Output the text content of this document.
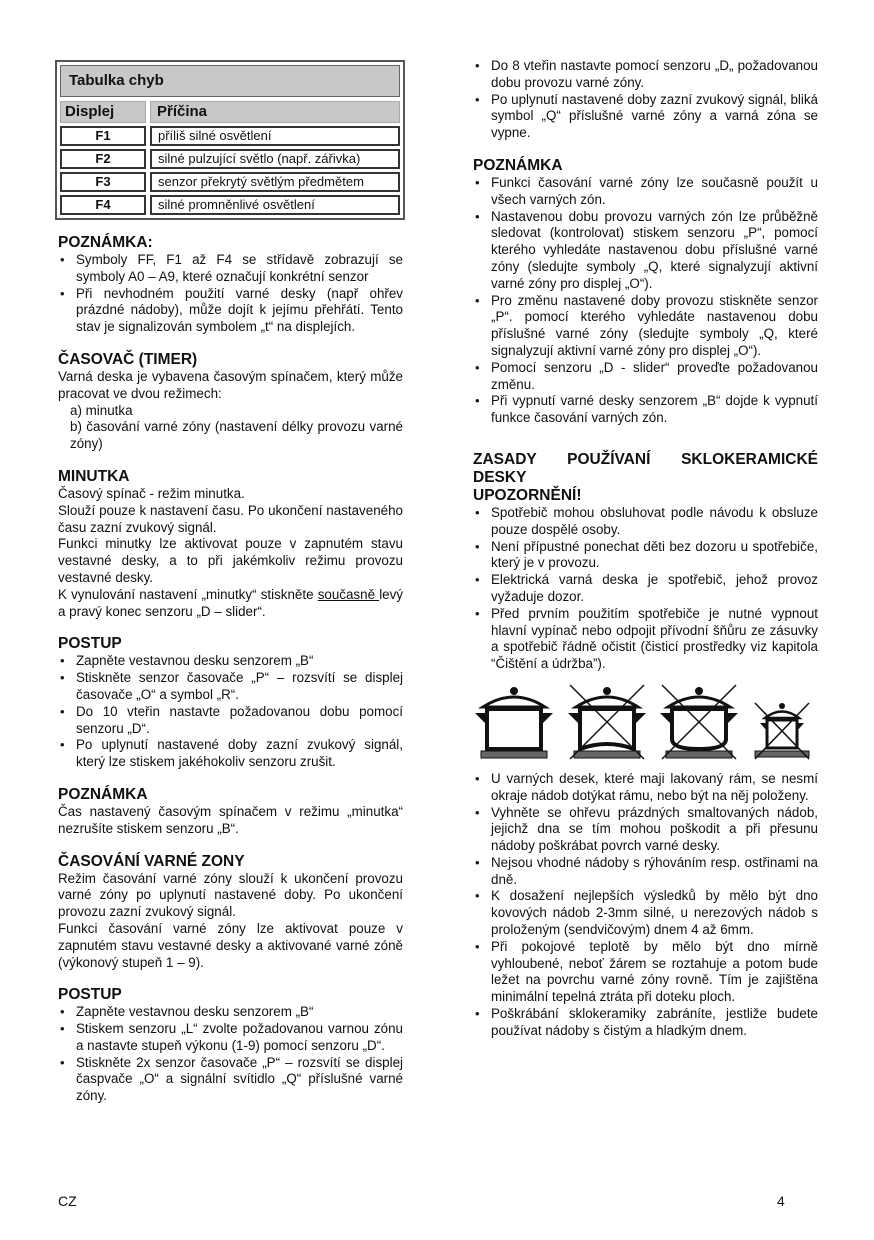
Tabulka chyb
Displej	Příčina
F1	příliš silné osvětlení
F2	silné pulzující světlo (např. zářivka)
F3	senzor překrytý světlým předmětem
F4	silné promněnlivé osvětlení
POZNÁMKA:
• Symboly FF, F1 až F4 se střídavě zobrazují se symboly A0 – A9, které označují konkrétní senzor
• Při nevhodném použití varné desky (např ohřev prázdné nádoby), může dojít k jejímu přehřátí. Tento stav je signalizován symbolem „t“ na displejích.
ČASOVAČ (TIMER)

Varná deska je vybavena časovým spínačem, který může pracovat ve dvou režimech:

a) minutka

b) časování varné zóny (nastavení délky provozu varné zóny)

MINUTKA

Časový spínač - režim minutka.

Slouží pouze k nastavení času. Po ukončení nastaveného času zazní zvukový signál.

Funkci minutky lze aktivovat pouze v zapnutém stavu vestavné desky, a to při jakémkoliv režimu provozu vestavné desky.

K vynulování nastavení „minutky“ stiskněte současně levý a pravý konec senzoru „D – slider“.

POSTUP
• Zapněte vestavnou desku senzorem „B“
• Stiskněte senzor časovače „P“ – rozsvítí se displej časovače „O“ a symbol „R“.
• Do 10 vteřin nastavte požadovanou dobu pomocí senzoru „D“.
• Po uplynutí nastavené doby zazní zvukový signál, který lze stiskem jakéhokoliv senzoru zrušit.
POZNÁMKA

Čas nastavený časovým spínačem v režimu „minutka“ nezrušíte stiskem senzoru „B“.

ČASOVÁNÍ VARNÉ ZONY

Režim časování varné zóny slouží k ukončení provozu varné zóny po uplynutí nastavené doby. Po ukončení provozu zazní zvukový signál.

Funkci časování varné zóny lze aktivovat pouze v zapnutém stavu vestavné desky a aktivované varné zóně (výkonový stupeň 1 – 9).

POSTUP
• Zapněte vestavnou desku senzorem „B“
• Stiskem senzoru „L“ zvolte požadovanou varnou zónu a nastavte stupeň výkonu (1-9) pomocí senzoru „D“.
• Stiskněte 2x senzor časovače „P“ – rozsvítí se displej časpvače „O“ a signální svítidlo „Q“ příslušné varné zóny.
• Do 8 vteřin nastavte pomocí senzoru „D„ požadovanou dobu provozu varné zóny.
• Po uplynutí nastavené doby zazní zvukový signál, bliká symbol „Q“ příslušné varné zóny a varná zóna se vypne.
POZNÁMKA
• Funkci časování varné zóny lze současně použít u všech varných zón.
• Nastavenou dobu provozu varných zón lze průběžně sledovat (kontrolovat) stiskem senzoru „P“, pomocí kterého vyhledáte nastavenou dobu příslušné varné zóny (sledujte symboly „Q, které signalyzují aktivní varné zóny pro displej „O“).
• Pro změnu nastavené doby provozu stiskněte senzor „P“. pomocí kterého vyhledáte nastavenou dobu příslušné varné zóny (sledujte symboly „Q, které signalyzují aktivní varné zóny pro displej „O“).
• Pomocí senzoru „D - slider“ proveďte požadovanou změnu.
• Při vypnutí varné desky senzorem „B“ dojde k vypnutí funkce časování varných zón.
ZASADY POUŽÍVANÍ SKLOKERAMICKÉ DESKY
UPOZORNĚNÍ!
• Spotřebič mohou obsluhovat podle návodu k obsluze pouze dospělé osoby.
• Není přípustné ponechat děti bez dozoru u spotřebiče, který je v provozu.
• Elektrická varná deska je spotřebič, jehož provoz vyžaduje dozor.
• Před prvním použitím spotřebiče je nutné vypnout hlavní vypínač nebo odpojit přívodní šňůru ze zásuvky a spotřebič řádně očistit (čisticí prostředky viz kapitola “Čištění a údržba”).
• U varných desek, které maji lakovaný rám, se nesmí okraje nádob dotýkat rámu, nebo být na něj položeny.
• Vyhněte se ohřevu prázdných smaltovaných nádob, jejichž dna se tím mohou poškodit a při přesunu nádoby poškrábat povrch varné desky.
• Nejsou vhodné nádoby s rýhováním resp. ostřinami na dně.
• K dosažení nejlepších výsledků by mělo být dno kovových nádob 2-3mm silné, u nerezových nádob s proloženým (sendvičovým) dnem 4 až 6mm.
• Při pokojové teplotě by mělo být dno mírně vyhloubené, neboť žárem se roztahuje a potom bude ležet na povrchu varné zóny rovně. Tím je zajištěna minimální tepelná ztráta při doteku ploch.
• Poškrábání sklokeramiky zabráníte, jestliže budete používat nádoby s čistým a hladkým dnem.
CZ	4
